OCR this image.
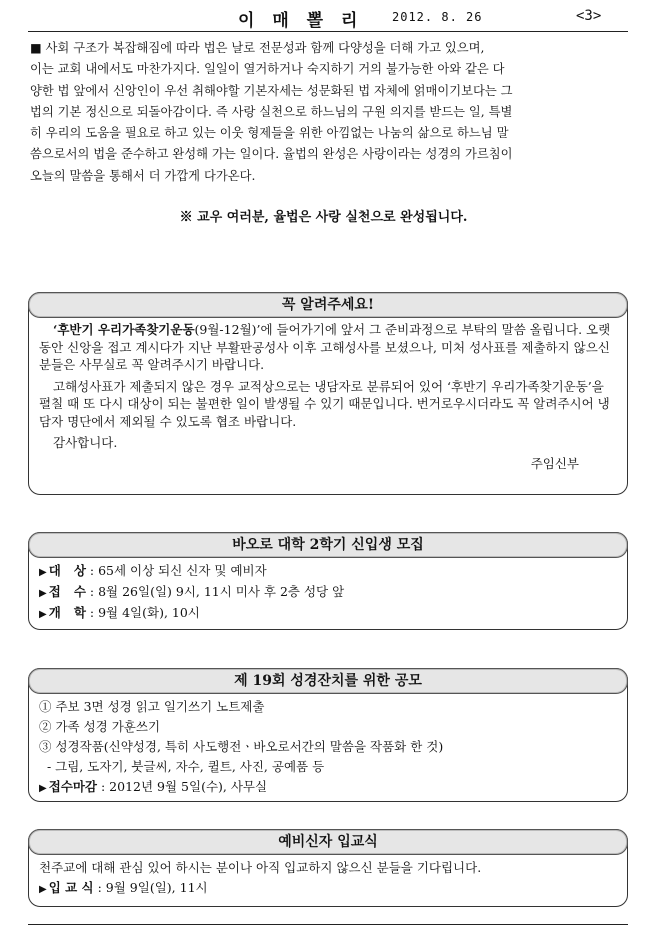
이 매 뽈 리 2012. 8. 26	<3>

■ 사회 구조가 복잡해짐에 따라 법은 날로 전문성과 함께 다양성을 더해 가고 있으며,

이는 교회 내에서도 마찬가지다. 일일이 열거하거나 숙지하기 거의 불가능한 아와 같은 다

양한 법 앞에서 신앙인이 우선 취해야할 기본자세는 성문화된 법 자체에 얽매이기보다는 그

법의 기본 정신으로 되돌아감이다. 즉 사랑 실천으로 하느님의 구원 의지를 받드는 일, 특별

히 우리의 도움을 필요로 하고 있는 이웃 형제들을 위한 아낌없는 나눔의 삶으로 하느님 말

씀으로서의 법을 준수하고 완성해 가는 일이다. 율법의 완성은 사랑이라는 성경의 가르침이

오늘의 말씀을 통해서 더 가깝게 다가온다.

※ 교우 여러분, 율법은 사랑 실천으로 완성됩니다.
꼭 알려주세요!

‘후반기 우리가족찾기운동(9월-12월)’에 들어가기에 앞서 그 준비과정으로 부탁의 말씀 올립니다. 오랫동안 신앙을 접고 계시다가 지난 부활판공성사 이후 고해성사를 보셨으나, 미처 성사표를 제출하지 않으신 분들은 사무실로 꼭 알려주시기 바랍니다.

고해성사표가 제출되지 않은 경우 교적상으로는 냉담자로 분류되어 있어 ‘후반기 우리가족찾기운동’을 펼칠 때 또 다시 대상이 되는 불편한 일이 발생될 수 있기 때문입니다. 번거로우시더라도 꼭 알려주시어 냉담자 명단에서 제외될 수 있도록 협조 바랍니다.

감사합니다.

주임신부

바오로 대학 2학기 신입생 모집

▶ 대   상 : 65세 이상 되신 신자 및 예비자

▶ 접   수 : 8월 26일(일) 9시, 11시 미사 후 2층 성당 앞

▶ 개   학 : 9월 4일(화), 10시

제 19회 성경잔치를 위한 공모

① 주보 3면 성경 읽고 일기쓰기 노트제출

② 가족 성경 가훈쓰기

③ 성경작품(신약성경, 특히 사도행전ㆍ바오로서간의 말씀을 작품화 한 것)

- 그림, 도자기, 붓글씨, 자수, 퀼트, 사진, 공예품 등

▶ 접수마감 : 2012년 9월 5일(수), 사무실

예비신자 입교식

천주교에 대해 관심 있어 하시는 분이나 아직 입교하지 않으신 분들을 기다립니다.

▶ 입 교 식 : 9월 9일(일), 11시
